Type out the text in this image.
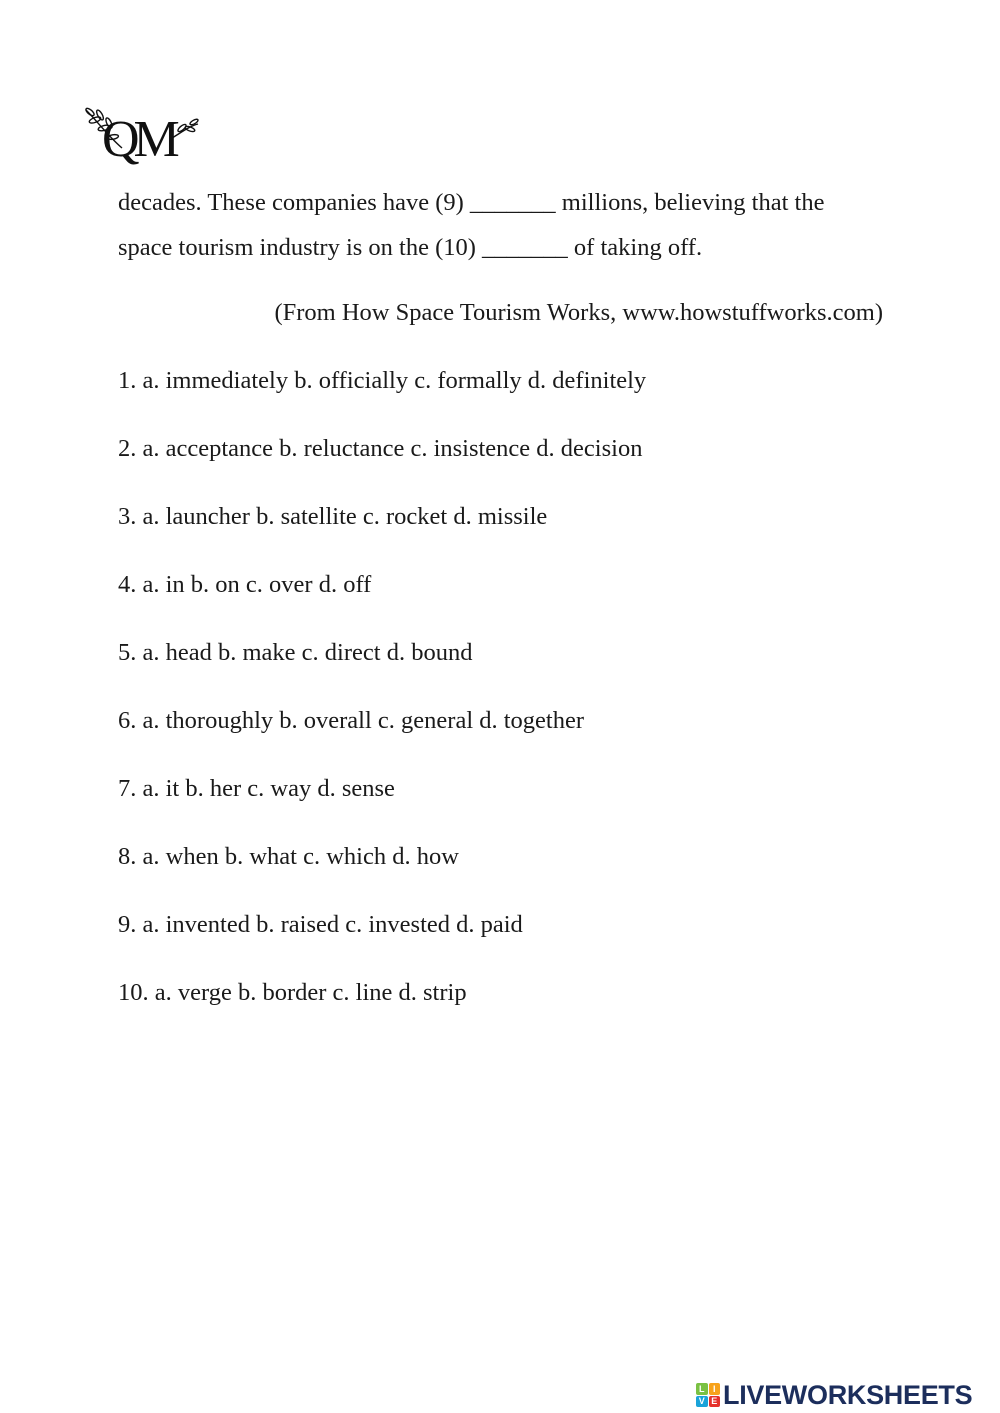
QM

decades. These companies have (9) _______ millions, believing that the

space tourism industry is on the (10) _______ of taking off.

(From How Space Tourism Works, www.howstuffworks.com)
1. a. immediately b. officially c. formally d. definitely
2. a. acceptance b. reluctance c. insistence d. decision
3. a. launcher b. satellite c. rocket d. missile
4. a. in b. on c. over d. off
5. a. head b. make c. direct d. bound
6. a. thoroughly b. overall c. general d. together
7. a. it b. her c. way d. sense
8. a. when b. what c. which d. how
9. a. invented b. raised c. invested d. paid
10. a. verge b. border c. line d. strip
L I
V E LIVEWORKSHEETS
